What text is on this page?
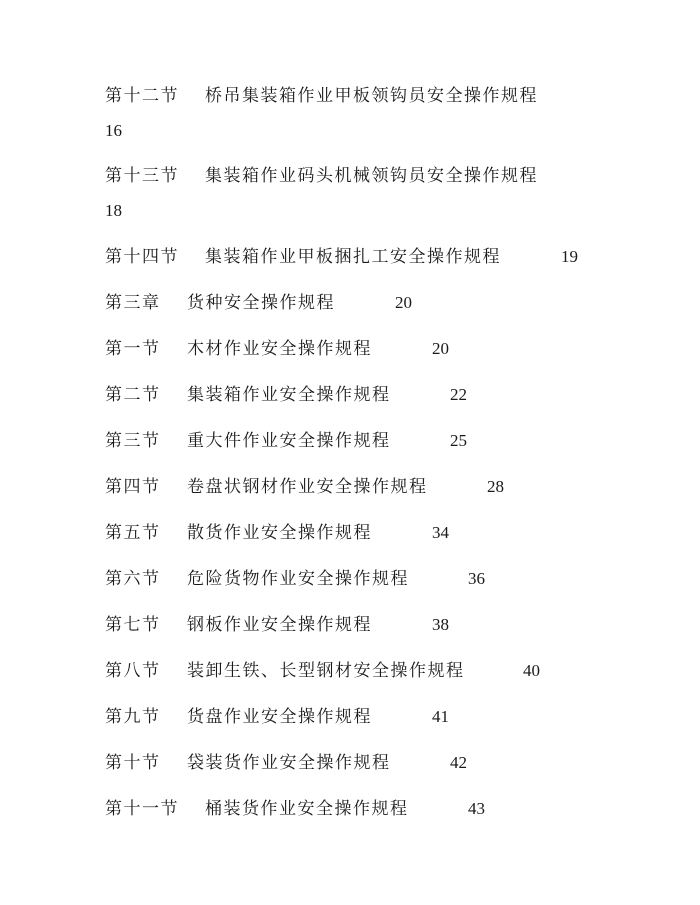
第十二节 桥吊集装箱作业甲板领钩员安全操作规程
16
第十三节 集装箱作业码头机械领钩员安全操作规程
18
第十四节 集装箱作业甲板捆扎工安全操作规程	19
第三章 货种安全操作规程	20
第一节 木材作业安全操作规程	20
第二节 集装箱作业安全操作规程	22
第三节 重大件作业安全操作规程	25
第四节 卷盘状钢材作业安全操作规程	28
第五节 散货作业安全操作规程	34
第六节 危险货物作业安全操作规程	36
第七节 钢板作业安全操作规程	38
第八节 装卸生铁、长型钢材安全操作规程	40
第九节 货盘作业安全操作规程	41
第十节 袋装货作业安全操作规程	42
第十一节 桶装货作业安全操作规程	43
